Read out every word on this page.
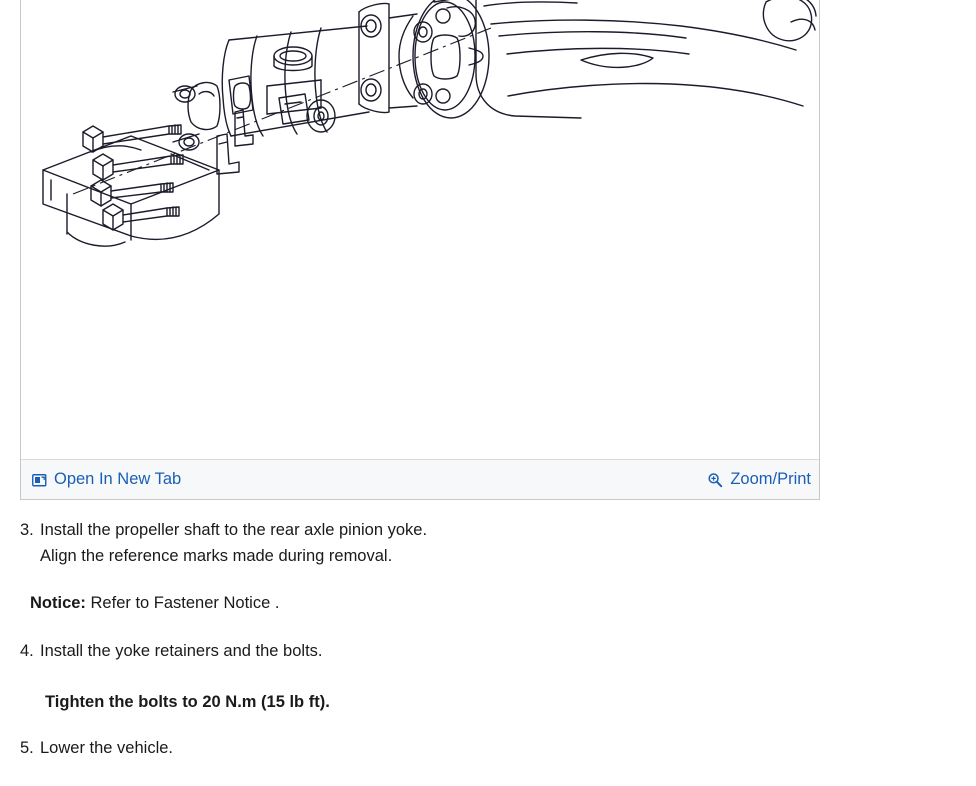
Open In New Tab	Zoom/Print
3. Install the propeller shaft to the rear axle pinion yoke.
Align the reference marks made during removal.
Notice: Refer to Fastener Notice .
4. Install the yoke retainers and the bolts.
Tighten the bolts to 20 N.m (15 lb ft).
5. Lower the vehicle.
